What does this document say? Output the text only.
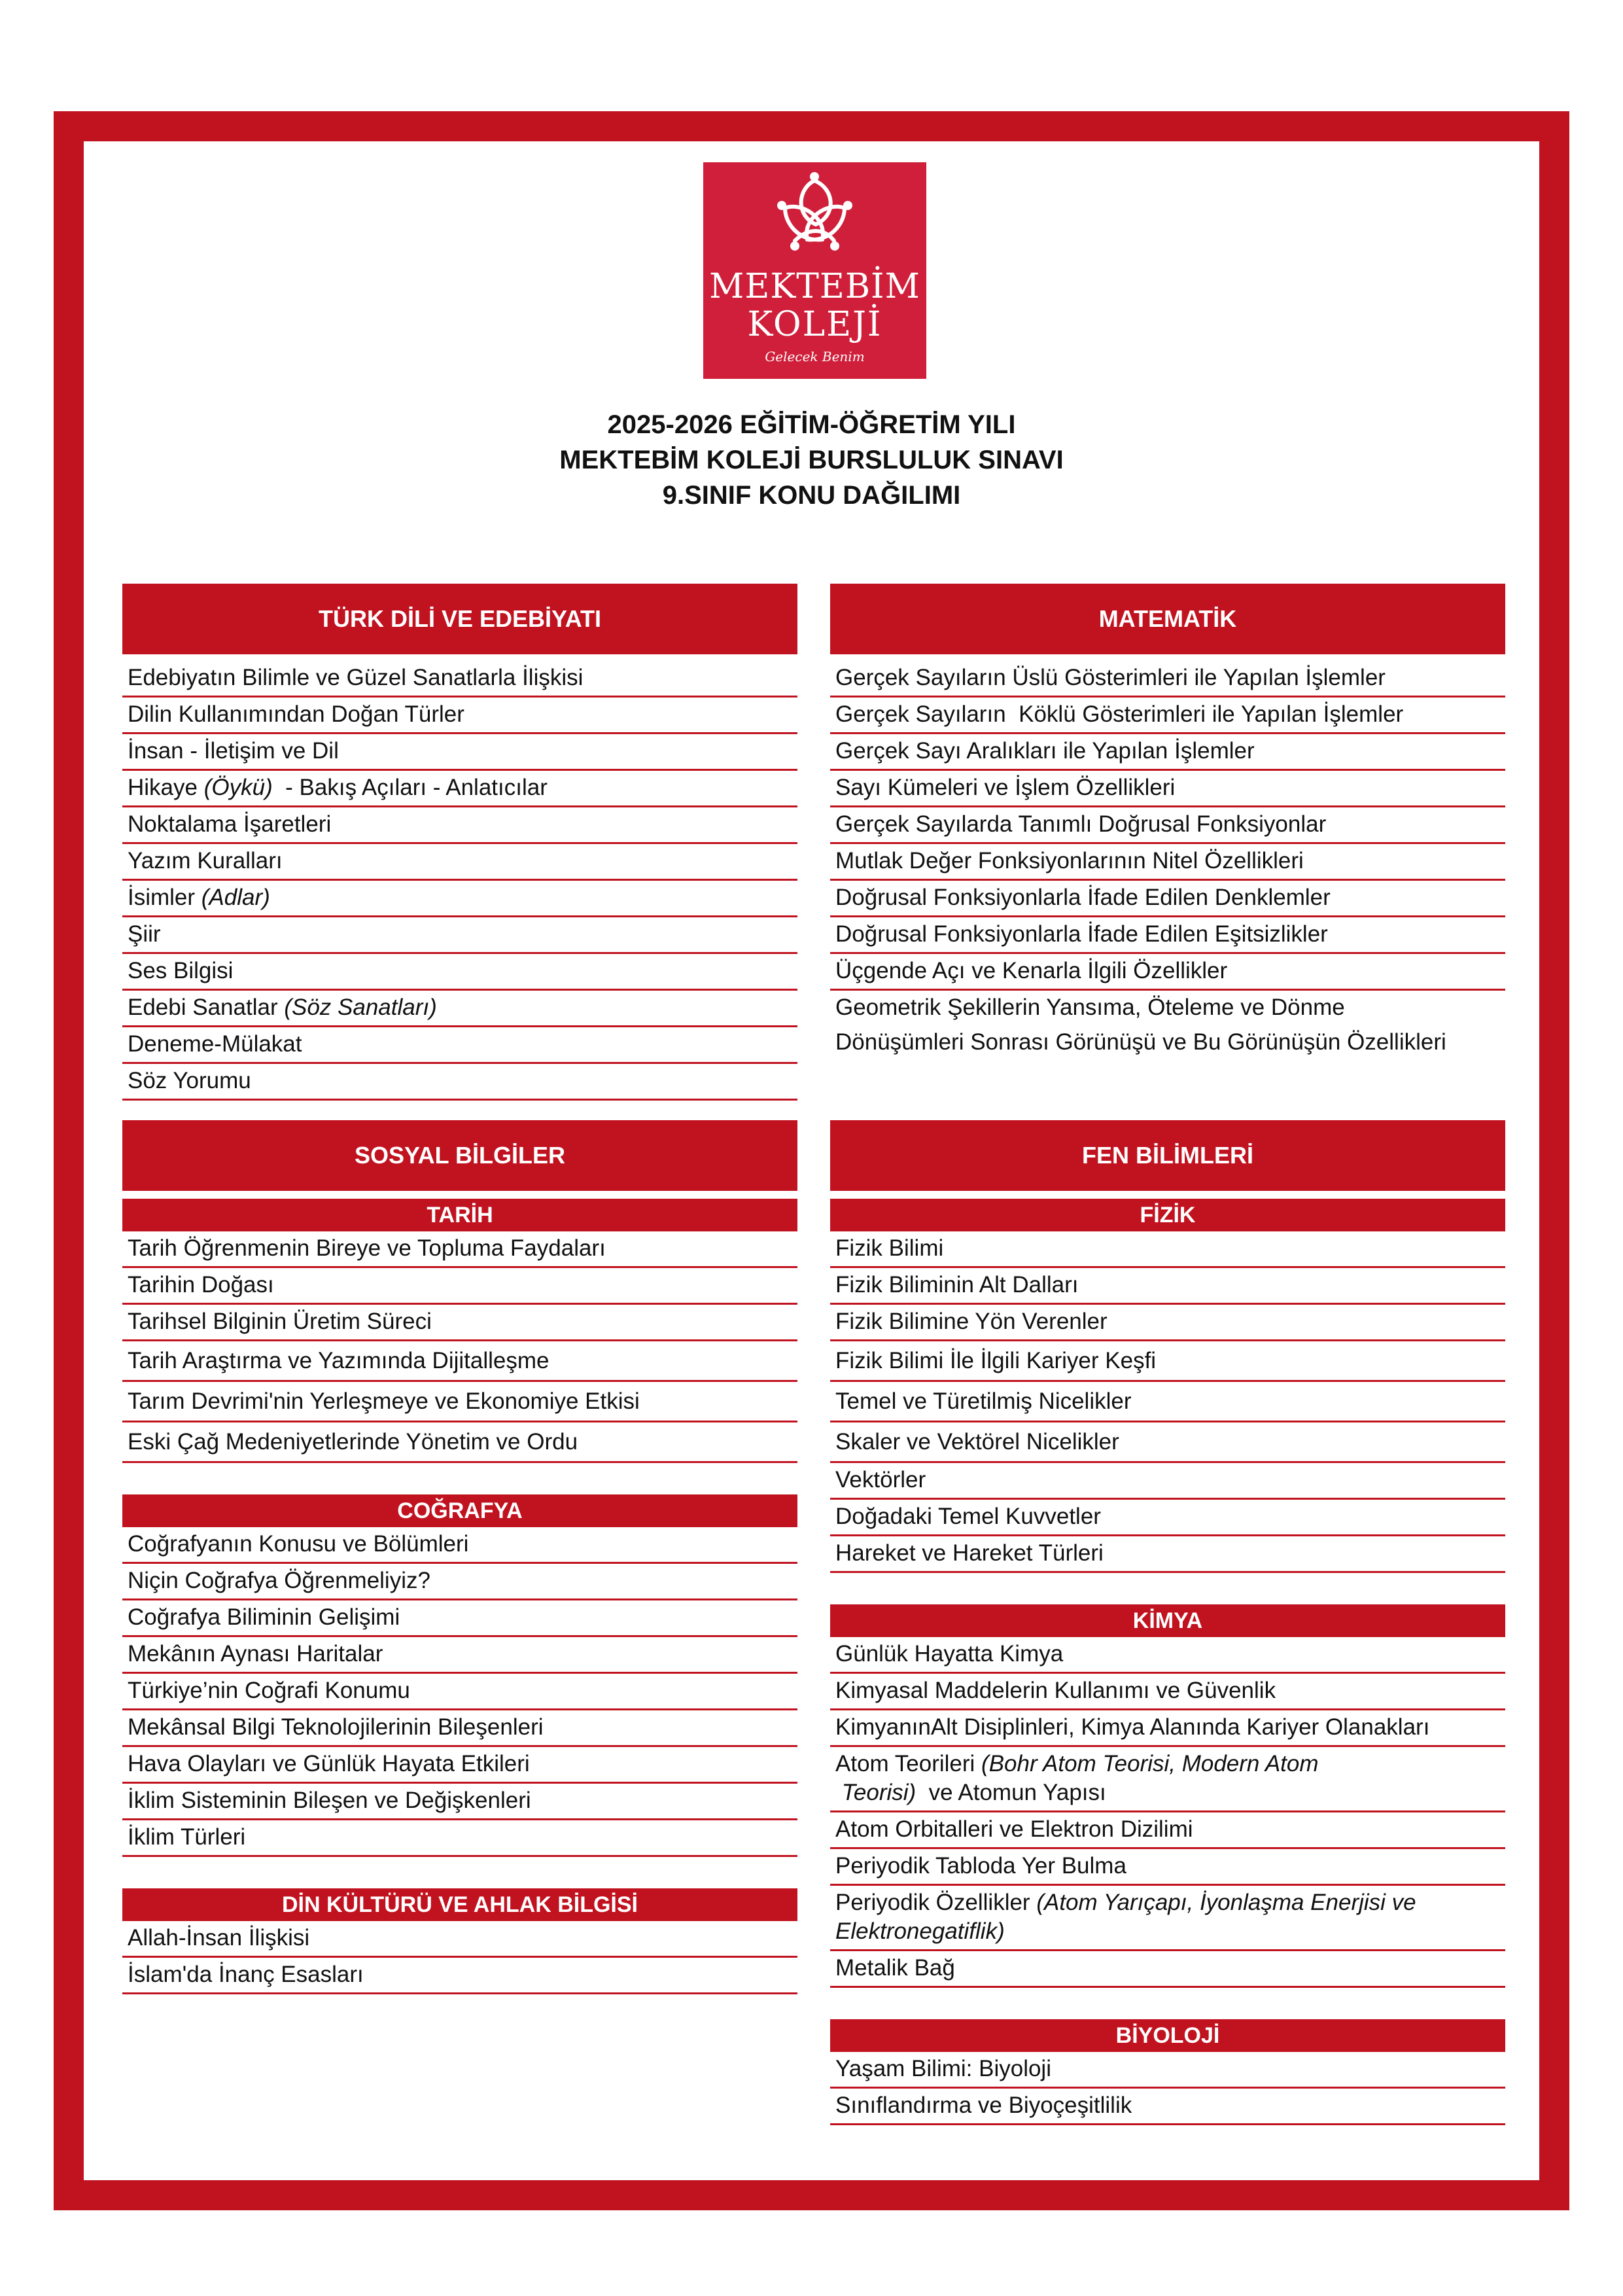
MEKTEBİM
KOLEJİ
Gelecek Benim
2025-2026 EĞİTİM-ÖĞRETİM YILI
MEKTEBİM KOLEJİ BURSLULUK SINAVI
9.SINIF KONU DAĞILIMI
TÜRK DİLİ VE EDEBİYATI
Edebiyatın Bilimle ve Güzel Sanatlarla İlişkisi
Dilin Kullanımından Doğan Türler
İnsan - İletişim ve Dil
Hikaye (Öykü)  - Bakış Açıları - Anlatıcılar
Noktalama İşaretleri
Yazım Kuralları
İsimler (Adlar)
Şiir
Ses Bilgisi
Edebi Sanatlar (Söz Sanatları)
Deneme-Mülakat
Söz Yorumu
MATEMATİK
Gerçek Sayıların Üslü Gösterimleri ile Yapılan İşlemler
Gerçek Sayıların  Köklü Gösterimleri ile Yapılan İşlemler
Gerçek Sayı Aralıkları ile Yapılan İşlemler
Sayı Kümeleri ve İşlem Özellikleri
Gerçek Sayılarda Tanımlı Doğrusal Fonksiyonlar
Mutlak Değer Fonksiyonlarının Nitel Özellikleri
Doğrusal Fonksiyonlarla İfade Edilen Denklemler
Doğrusal Fonksiyonlarla İfade Edilen Eşitsizlikler
Üçgende Açı ve Kenarla İlgili Özellikler
Geometrik Şekillerin Yansıma, Öteleme ve Dönme
Dönüşümleri Sonrası Görünüşü ve Bu Görünüşün Özellikleri
SOSYAL BİLGİLER
TARİH
Tarih Öğrenmenin Bireye ve Topluma Faydaları
Tarihin Doğası
Tarihsel Bilginin Üretim Süreci
Tarih Araştırma ve Yazımında Dijitalleşme
Tarım Devrimi'nin Yerleşmeye ve Ekonomiye Etkisi
Eski Çağ Medeniyetlerinde Yönetim ve Ordu
COĞRAFYA
Coğrafyanın Konusu ve Bölümleri
Niçin Coğrafya Öğrenmeliyiz?
Coğrafya Biliminin Gelişimi
Mekânın Aynası Haritalar
Türkiye’nin Coğrafi Konumu
Mekânsal Bilgi Teknolojilerinin Bileşenleri
Hava Olayları ve Günlük Hayata Etkileri
İklim Sisteminin Bileşen ve Değişkenleri
İklim Türleri
DİN KÜLTÜRÜ VE AHLAK BİLGİSİ
Allah-İnsan İlişkisi
İslam'da İnanç Esasları
FEN BİLİMLERİ
FİZİK
Fizik Bilimi
Fizik Biliminin Alt Dalları
Fizik Bilimine Yön Verenler
Fizik Bilimi İle İlgili Kariyer Keşfi
Temel ve Türetilmiş Nicelikler
Skaler ve Vektörel Nicelikler
Vektörler
Doğadaki Temel Kuvvetler
Hareket ve Hareket Türleri
KİMYA
Günlük Hayatta Kimya
Kimyasal Maddelerin Kullanımı ve Güvenlik
KimyanınAlt Disiplinleri, Kimya Alanında Kariyer Olanakları
Atom Teorileri (Bohr Atom Teorisi, Modern Atom
Teorisi)  ve Atomun Yapısı
Atom Orbitalleri ve Elektron Dizilimi
Periyodik Tabloda Yer Bulma
Periyodik Özellikler (Atom Yarıçapı, İyonlaşma Enerjisi ve
Elektronegatiflik)
Metalik Bağ
BİYOLOJİ
Yaşam Bilimi: Biyoloji
Sınıflandırma ve Biyoçeşitlilik
